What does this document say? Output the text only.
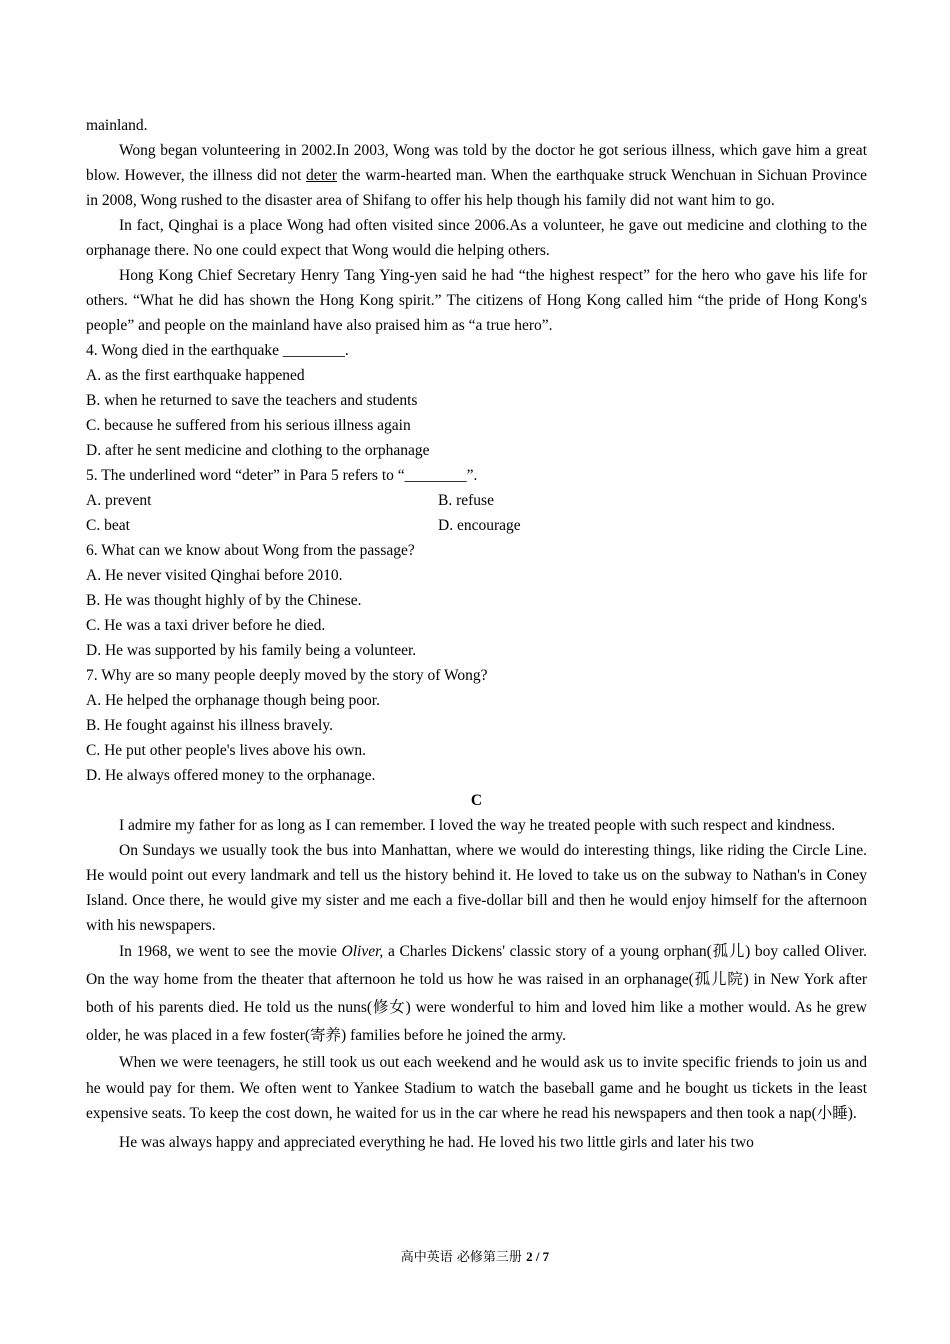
mainland.
Wong began volunteering in 2002.In 2003, Wong was told by the doctor he got serious illness, which gave him a great blow. However, the illness did not deter the warm-hearted man. When the earthquake struck Wenchuan in Sichuan Province in 2008, Wong rushed to the disaster area of Shifang to offer his help though his family did not want him to go.
In fact, Qinghai is a place Wong had often visited since 2006.As a volunteer, he gave out medicine and clothing to the orphanage there. No one could expect that Wong would die helping others.
Hong Kong Chief Secretary Henry Tang Ying-yen said he had “the highest respect” for the hero who gave his life for others. “What he did has shown the Hong Kong spirit.” The citizens of Hong Kong called him “the pride of Hong Kong's people” and people on the mainland have also praised him as “a true hero”.
4. Wong died in the earthquake ________.
A. as the first earthquake happened
B. when he returned to save the teachers and students
C. because he suffered from his serious illness again
D. after he sent medicine and clothing to the orphanage
5. The underlined word “deter” in Para 5 refers to “________”.
A. prevent	B. refuse
C. beat	D. encourage
6. What can we know about Wong from the passage?
A. He never visited Qinghai before 2010.
B. He was thought highly of by the Chinese.
C. He was a taxi driver before he died.
D. He was supported by his family being a volunteer.
7. Why are so many people deeply moved by the story of Wong?
A. He helped the orphanage though being poor.
B. He fought against his illness bravely.
C. He put other people's lives above his own.
D. He always offered money to the orphanage.
C
I admire my father for as long as I can remember. I loved the way he treated people with such respect and kindness.
On Sundays we usually took the bus into Manhattan, where we would do interesting things, like riding the Circle Line. He would point out every landmark and tell us the history behind it. He loved to take us on the subway to Nathan's in Coney Island. Once there, he would give my sister and me each a five-dollar bill and then he would enjoy himself for the afternoon with his newspapers.
In 1968, we went to see the movie Oliver, a Charles Dickens' classic story of a young orphan(孤儿) boy called Oliver. On the way home from the theater that afternoon he told us how he was raised in an orphanage(孤儿院) in New York after both of his parents died. He told us the nuns(修女) were wonderful to him and loved him like a mother would. As he grew older, he was placed in a few foster(寄养) families before he joined the army.
When we were teenagers, he still took us out each weekend and he would ask us to invite specific friends to join us and he would pay for them. We often went to Yankee Stadium to watch the baseball game and he bought us tickets in the least expensive seats. To keep the cost down, he waited for us in the car where he read his newspapers and then took a nap(小睡).
He was always happy and appreciated everything he had. He loved his two little girls and later his two
高中英语 必修第三册 2 / 7
